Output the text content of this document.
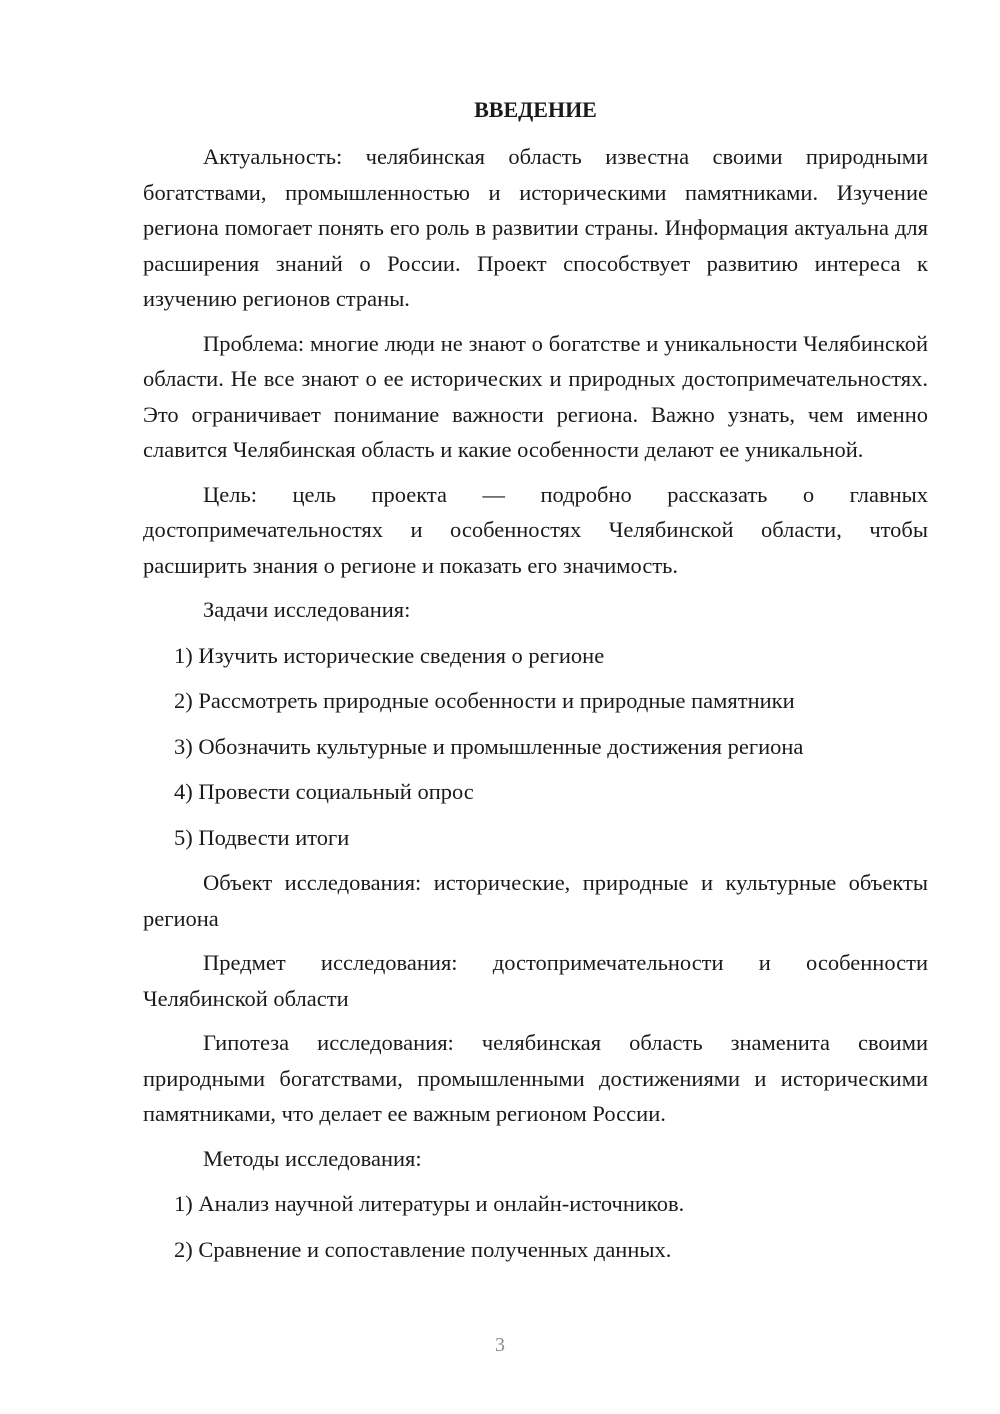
ВВЕДЕНИЕ

Актуальность: челябинская область известна своими природными богатствами, промышленностью и историческими памятниками. Изучение региона помогает понять его роль в развитии страны. Информация актуальна для расширения знаний о России. Проект способствует развитию интереса к изучению регионов страны.

Проблема: многие люди не знают о богатстве и уникальности Челябинской области. Не все знают о ее исторических и природных достопримечательностях. Это ограничивает понимание важности региона. Важно узнать, чем именно славится Челябинская область и какие особенности делают ее уникальной.

Цель: цель проекта — подробно рассказать о главных достопримечательностях и особенностях Челябинской области, чтобы расширить знания о регионе и показать его значимость.

Задачи исследования:

1) Изучить исторические сведения о регионе
2) Рассмотреть природные особенности и природные памятники
3) Обозначить культурные и промышленные достижения региона
4) Провести социальный опрос
5) Подвести итоги

Объект исследования: исторические, природные и культурные объекты региона

Предмет исследования: достопримечательности и особенности Челябинской области

Гипотеза исследования: челябинская область знаменита своими природными богатствами, промышленными достижениями и историческими памятниками, что делает ее важным регионом России.

Методы исследования:

1) Анализ научной литературы и онлайн-источников.
2) Сравнение и сопоставление полученных данных.
3
